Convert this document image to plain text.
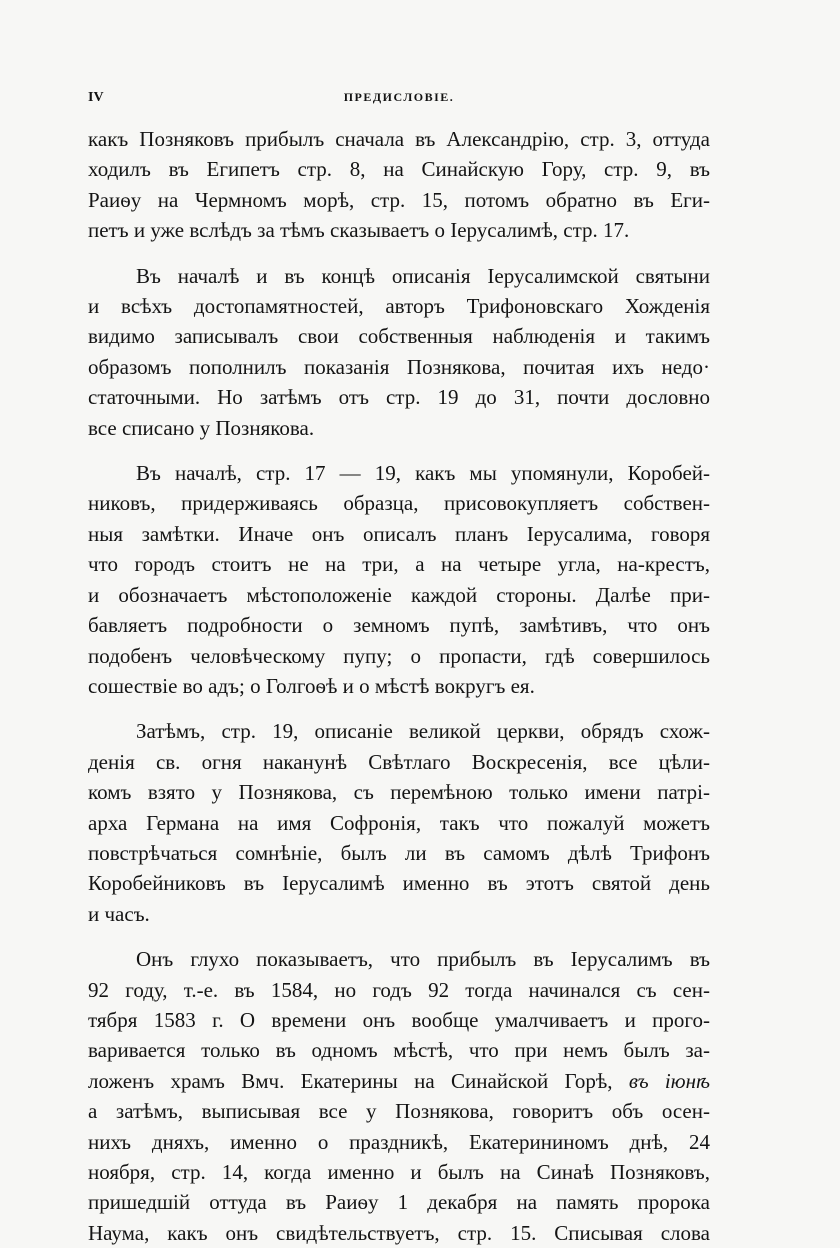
IV	ПРЕДИСЛОВІЕ.

какъ Позняковъ прибылъ сначала въ Александрію, стр. 3, оттуда
ходилъ въ Египетъ стр. 8, на Синайскую Гору, стр. 9, въ
Раиѳу на Чермномъ морѣ, стр. 15, потомъ обратно въ Еги-
петъ и уже вслѣдъ за тѣмъ сказываетъ о Іерусалимѣ, стр. 17.

Въ началѣ и въ концѣ описанія Іерусалимской святыни
и всѣхъ достопамятностей, авторъ Трифоновскаго Хожденія
видимо записывалъ свои собственныя наблюденія и такимъ
образомъ пополнилъ показанія Познякова, почитая ихъ недо·
статочными. Но затѣмъ отъ стр. 19 до 31, почти дословно
все списано у Познякова.

Въ началѣ, стр. 17 — 19, какъ мы упомянули, Коробей-
никовъ, придерживаясь образца, присовокупляетъ собствен-
ныя замѣтки. Иначе онъ описалъ планъ Іерусалима, говоря
что городъ стоитъ не на три, а на четыре угла, на-крестъ,
и обозначаетъ мѣстоположеніе каждой стороны. Далѣе при-
бавляетъ подробности о земномъ пупѣ, замѣтивъ, что онъ
подобенъ человѣческому пупу; о пропасти, гдѣ совершилось
сошествіе во адъ; о Голгоѳѣ и о мѣстѣ вокругъ ея.

Затѣмъ, стр. 19, описаніе великой церкви, обрядъ схож-
денія св. огня наканунѣ Свѣтлаго Воскресенія, все цѣли-
комъ взято у Познякова, съ перемѣною только имени патрі-
арха Германа на имя Софронія, такъ что пожалуй можетъ
повстрѣчаться сомнѣніе, былъ ли въ самомъ дѣлѣ Трифонъ
Коробейниковъ въ Іерусалимѣ именно въ этотъ святой день
и часъ.

Онъ глухо показываетъ, что прибылъ въ Іерусалимъ въ
92 году, т.-е. въ 1584, но годъ 92 тогда начинался съ сен-
тября 1583 г. О времени онъ вообще умалчиваетъ и прого-
варивается только въ одномъ мѣстѣ, что при немъ былъ за-
ложенъ храмъ Вмч. Екатерины на Синайской Горѣ, въ іюнѣ
а затѣмъ, выписывая все у Познякова, говоритъ объ осен-
нихъ дняхъ, именно о праздникѣ, Екатерининомъ днѣ, 24
ноября, стр. 14, когда именно и былъ на Синаѣ Позняковъ,
пришедшій оттуда въ Раиѳу 1 декабря на память пророка
Наума, какъ онъ свидѣтельствуетъ, стр. 15. Списывая слова
